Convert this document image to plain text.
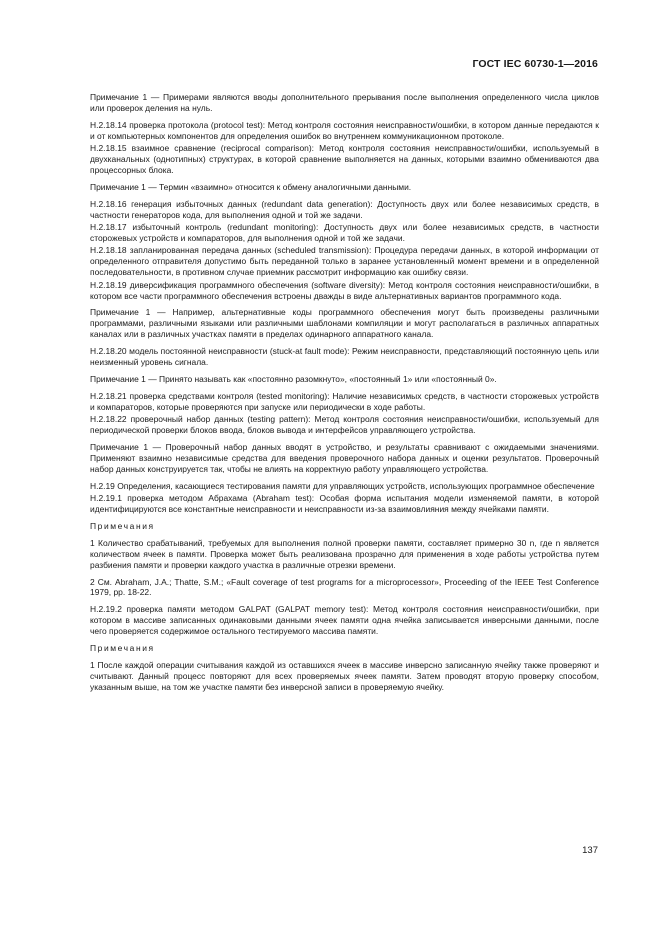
ГОСТ IEC 60730-1—2016

Примечание 1 — Примерами являются вводы дополнительного прерывания после выполнения определенного числа циклов или проверок деления на нуль.

Н.2.18.14 проверка протокола (protocol test): Метод контроля состояния неисправности/ошибки, в котором данные передаются к и от компьютерных компонентов для определения ошибок во внутреннем коммуникационном протоколе.

Н.2.18.15 взаимное сравнение (reciprocal comparison): Метод контроля состояния неисправности/ошибки, используемый в двухканальных (однотипных) структурах, в которой сравнение выполняется на данных, которыми взаимно обмениваются два процессорных блока.

Примечание 1 — Термин «взаимно» относится к обмену аналогичными данными.

Н.2.18.16 генерация избыточных данных (redundant data generation): Доступность двух или более независимых средств, в частности генераторов кода, для выполнения одной и той же задачи.

Н.2.18.17 избыточный контроль (redundant monitoring): Доступность двух или более независимых средств, в частности сторожевых устройств и компараторов, для выполнения одной и той же задачи.

Н.2.18.18 запланированная передача данных (scheduled transmission): Процедура передачи данных, в которой информации от определенного отправителя допустимо быть переданной только в заранее установленный момент времени и в определенной последовательности, в противном случае приемник рассмотрит информацию как ошибку связи.

Н.2.18.19 диверсификация программного обеспечения (software diversity): Метод контроля состояния неисправности/ошибки, в котором все части программного обеспечения встроены дважды в виде альтернативных вариантов программного кода.

Примечание 1 — Например, альтернативные коды программного обеспечения могут быть произведены различными программами, различными языками или различными шаблонами компиляции и могут располагаться в различных аппаратных каналах или в различных участках памяти в пределах одинарного аппаратного канала.

Н.2.18.20 модель постоянной неисправности (stuck-at fault mode): Режим неисправности, представляющий постоянную цепь или неизменный уровень сигнала.

Примечание 1 — Принято называть как «постоянно разомкнуто», «постоянный 1» или «постоянный 0».

Н.2.18.21 проверка средствами контроля (tested monitoring): Наличие независимых средств, в частности сторожевых устройств и компараторов, которые проверяются при запуске или периодически в ходе работы.

Н.2.18.22 проверочный набор данных (testing pattern): Метод контроля состояния неисправности/ошибки, используемый для периодической проверки блоков ввода, блоков вывода и интерфейсов управляющего устройства.

Примечание 1 — Проверочный набор данных вводят в устройство, и результаты сравнивают с ожидаемыми значениями. Применяют взаимно независимые средства для введения проверочного набора данных и оценки результатов. Проверочный набор данных конструируется так, чтобы не влиять на корректную работу управляющего устройства.

Н.2.19 Определения, касающиеся тестирования памяти для управляющих устройств, использующих программное обеспечение

Н.2.19.1 проверка методом Абрахама (Abraham test): Особая форма испытания модели изменяемой памяти, в которой идентифицируются все константные неисправности и неисправности из-за взаимовлияния между ячейками памяти.

Примечания

1 Количество срабатываний, требуемых для выполнения полной проверки памяти, составляет примерно 30 n, где n является количеством ячеек в памяти. Проверка может быть реализована прозрачно для применения в ходе работы устройства путем разбиения памяти и проверки каждого участка в различные отрезки времени.

2 См. Abraham, J.A.; Thatte, S.M.; «Fault coverage of test programs for a microprocessor», Proceeding of the IEEE Test Conference 1979, pp. 18-22.

Н.2.19.2 проверка памяти методом GALPAT (GALPAT memory test): Метод контроля состояния неисправности/ошибки, при котором в массиве записанных одинаковыми данными ячеек памяти одна ячейка записывается инверсными данными, после чего проверяется содержимое остального тестируемого массива памяти.

Примечания

1 После каждой операции считывания каждой из оставшихся ячеек в массиве инверсно записанную ячейку также проверяют и считывают. Данный процесс повторяют для всех проверяемых ячеек памяти. Затем проводят вторую проверку способом, указанным выше, на том же участке памяти без инверсной записи в проверяемую ячейку.

137
